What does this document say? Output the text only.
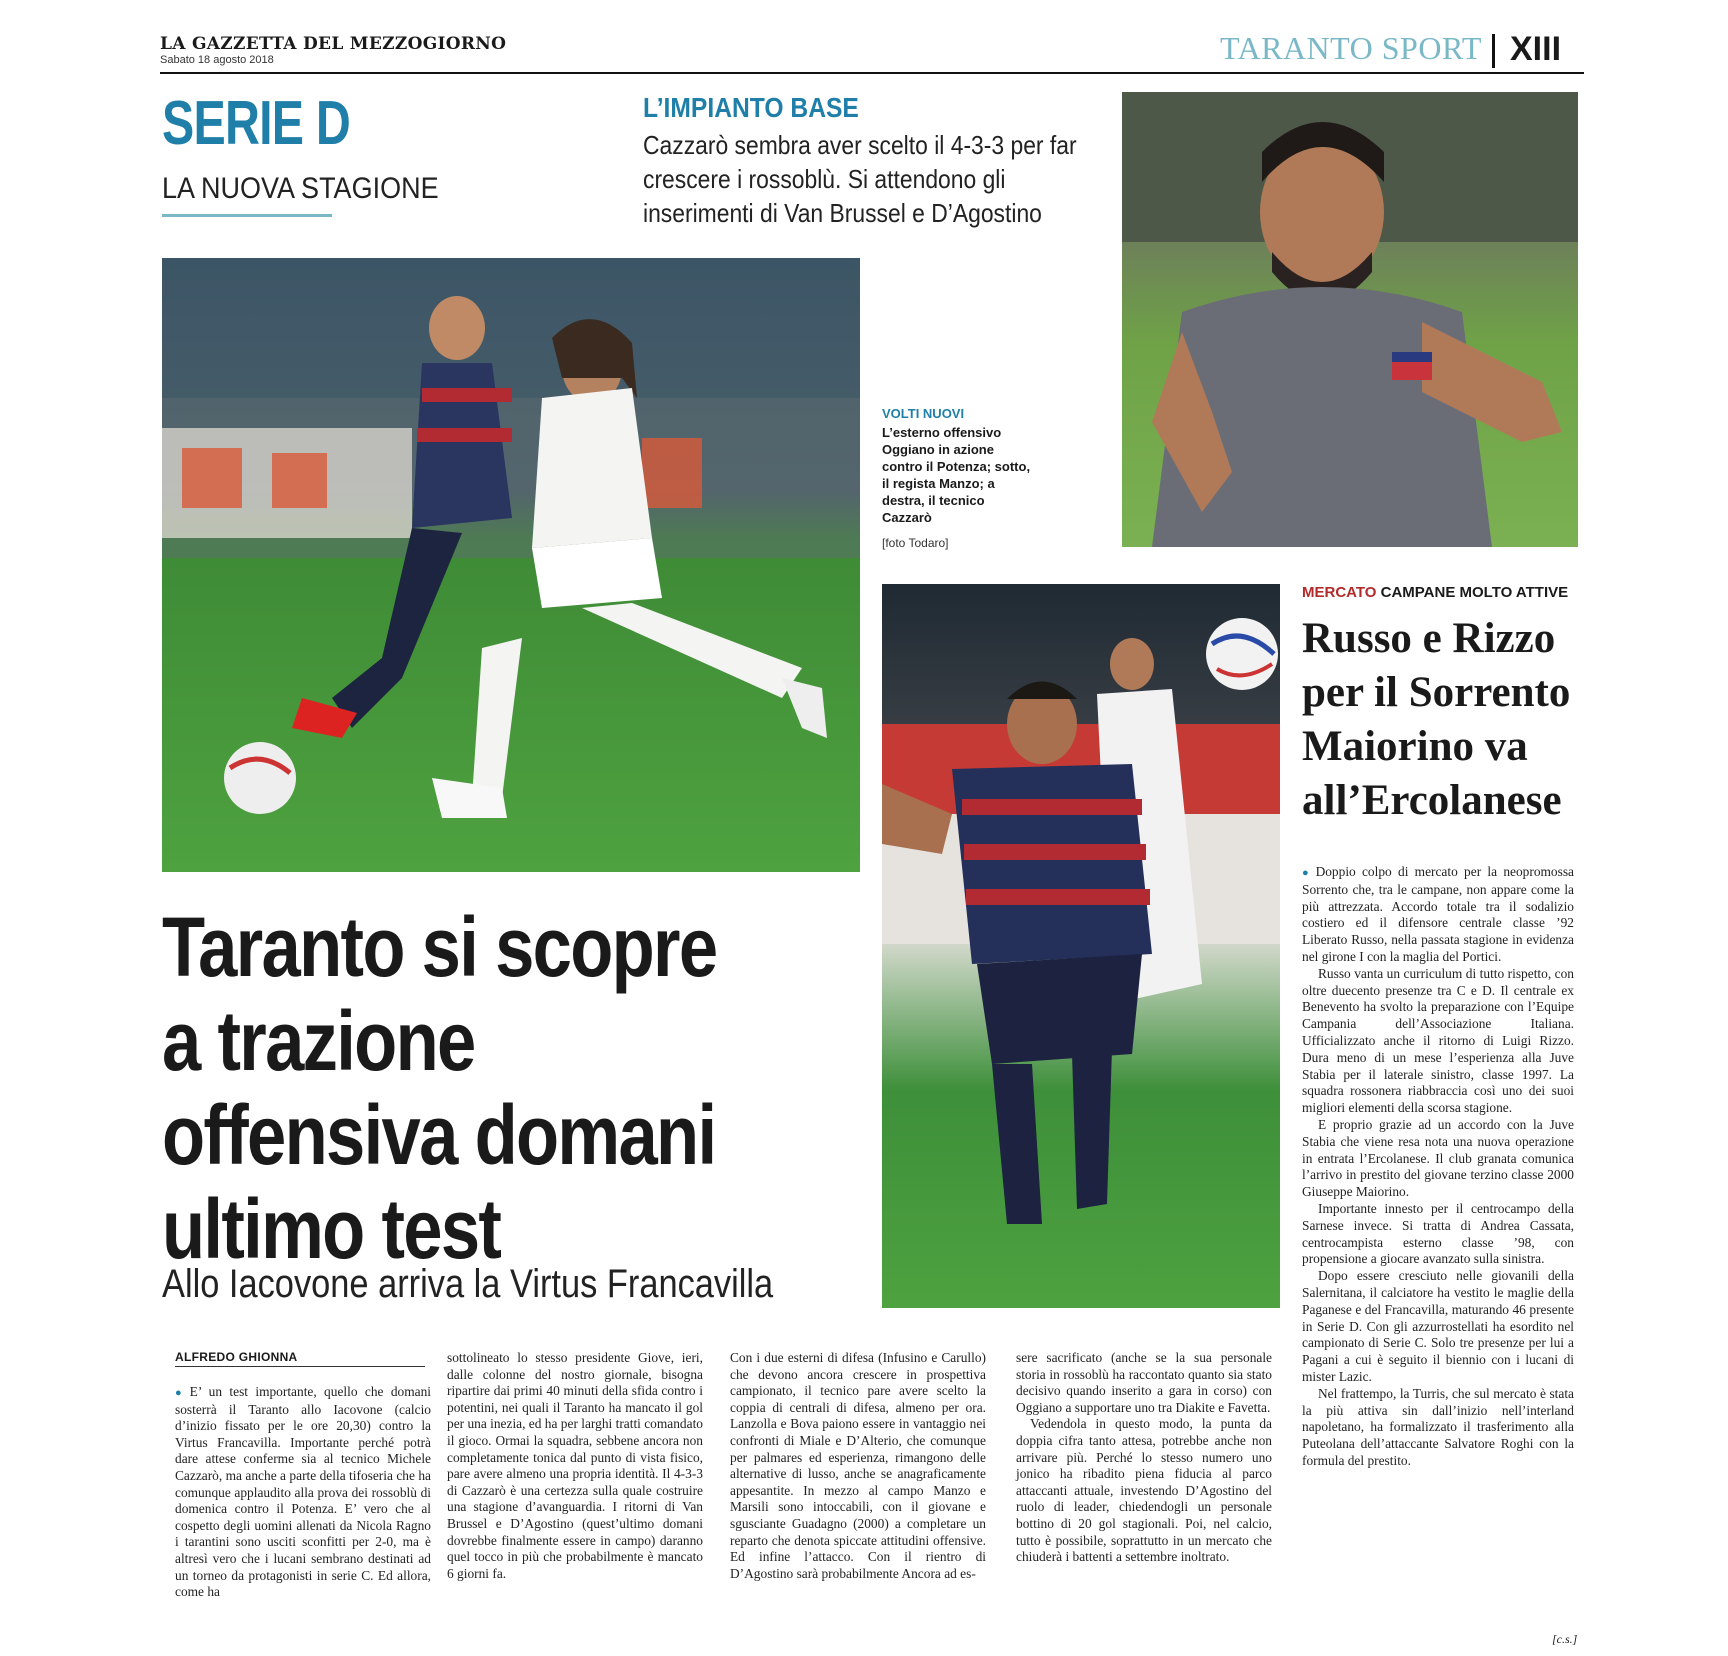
LA GAZZETTA DEL MEZZOGIORNO
Sabato 18 agosto 2018	TARANTO SPORT XIII
SERIE D
LA NUOVA STAGIONE
L’IMPIANTO BASE
Cazzarò sembra aver scelto il 4-3-3 per far crescere i rossoblù. Si attendono gli inserimenti di Van Brussel e D’Agostino
VOLTI NUOVI
L’esterno offensivo Oggiano in azione contro il Potenza; sotto, il regista Manzo; a destra, il tecnico Cazzarò
[foto Todaro]
Taranto si scopre a trazione offensiva domani ultimo test
Allo Iacovone arriva la Virtus Francavilla
ALFREDO GHIONNA

● E’ un test importante, quello che domani sosterrà il Taranto allo Iacovone (calcio d’inizio fissato per le ore 20,30) contro la Virtus Francavilla. Importante perché potrà dare attese conferme sia al tecnico Michele Cazzarò, ma anche a parte della tifoseria che ha comunque applaudito alla prova dei rossoblù di domenica contro il Potenza. E’ vero che al cospetto degli uomini allenati da Nicola Ragno i tarantini sono usciti sconfitti per 2-0, ma è altresì vero che i lucani sembrano destinati ad un torneo da protagonisti in serie C. Ed allora, come ha

sottolineato lo stesso presidente Giove, ieri, dalle colonne del nostro giornale, bisogna ripartire dai primi 40 minuti della sfida contro i potentini, nei quali il Taranto ha mancato il gol per una inezia, ed ha per larghi tratti comandato il gioco. Ormai la squadra, sebbene ancora non completamente tonica dal punto di vista fisico, pare avere almeno una propria identità. Il 4-3-3 di Cazzarò è una certezza sulla quale costruire una stagione d’avanguardia. I ritorni di Van Brussel e D’Agostino (quest’ultimo domani dovrebbe finalmente essere in campo) daranno quel tocco in più che probabilmente è mancato 6 giorni fa.

Con i due esterni di difesa (Infusino e Carullo) che devono ancora crescere in prospettiva campionato, il tecnico pare avere scelto la coppia di centrali di difesa, almeno per ora. Lanzolla e Bova paiono essere in vantaggio nei confronti di Miale e D’Alterio, che comunque per palmares ed esperienza, rimangono delle alternative di lusso, anche se anagraficamente appesantite. In mezzo al campo Manzo e Marsili sono intoccabili, con il giovane e sgusciante Guadagno (2000) a completare un reparto che denota spiccate attitudini offensive. Ed infine l’attacco. Con il rientro di D’Agostino sarà probabilmente Ancora ad es-

sere sacrificato (anche se la sua personale storia in rossoblù ha raccontato quanto sia stato decisivo quando inserito a gara in corso) con Oggiano a supportare uno tra Diakite e Favetta.

Vedendola in questo modo, la punta da doppia cifra tanto attesa, potrebbe anche non arrivare più. Perché lo stesso numero uno jonico ha ribadito piena fiducia al parco attaccanti attuale, investendo D’Agostino del ruolo di leader, chiedendogli un personale bottino di 20 gol stagionali. Poi, nel calcio, tutto è possibile, soprattutto in un mercato che chiuderà i battenti a settembre inoltrato.

MERCATO CAMPANE MOLTO ATTIVE
Russo e Rizzo per il Sorrento Maiorino va all’Ercolanese

● Doppio colpo di mercato per la neopromossa Sorrento che, tra le campane, non appare come la più attrezzata. Accordo totale tra il sodalizio costiero ed il difensore centrale classe ’92 Liberato Russo, nella passata stagione in evidenza nel girone I con la maglia del Portici.

Russo vanta un curriculum di tutto rispetto, con oltre duecento presenze tra C e D. Il centrale ex Benevento ha svolto la preparazione con l’Equipe Campania dell’Associazione Italiana. Ufficializzato anche il ritorno di Luigi Rizzo. Dura meno di un mese l’esperienza alla Juve Stabia per il laterale sinistro, classe 1997. La squadra rossonera riabbraccia così uno dei suoi migliori elementi della scorsa stagione.

E proprio grazie ad un accordo con la Juve Stabia che viene resa nota una nuova operazione in entrata l’Ercolanese. Il club granata comunica l’arrivo in prestito del giovane terzino classe 2000 Giuseppe Maiorino.

Importante innesto per il centrocampo della Sarnese invece. Si tratta di Andrea Cassata, centrocampista esterno classe ’98, con propensione a giocare avanzato sulla sinistra.

Dopo essere cresciuto nelle giovanili della Salernitana, il calciatore ha vestito le maglie della Paganese e del Francavilla, maturando 46 presente in Serie D. Con gli azzurrostellati ha esordito nel campionato di Serie C. Solo tre presenze per lui a Pagani a cui è seguito il biennio con i lucani di mister Lazic.

Nel frattempo, la Turris, che sul mercato è stata la più attiva sin dall’inizio nell’interland napoletano, ha formalizzato il trasferimento alla Puteolana dell’attaccante Salvatore Roghi con la formula del prestito.

[c.s.]
